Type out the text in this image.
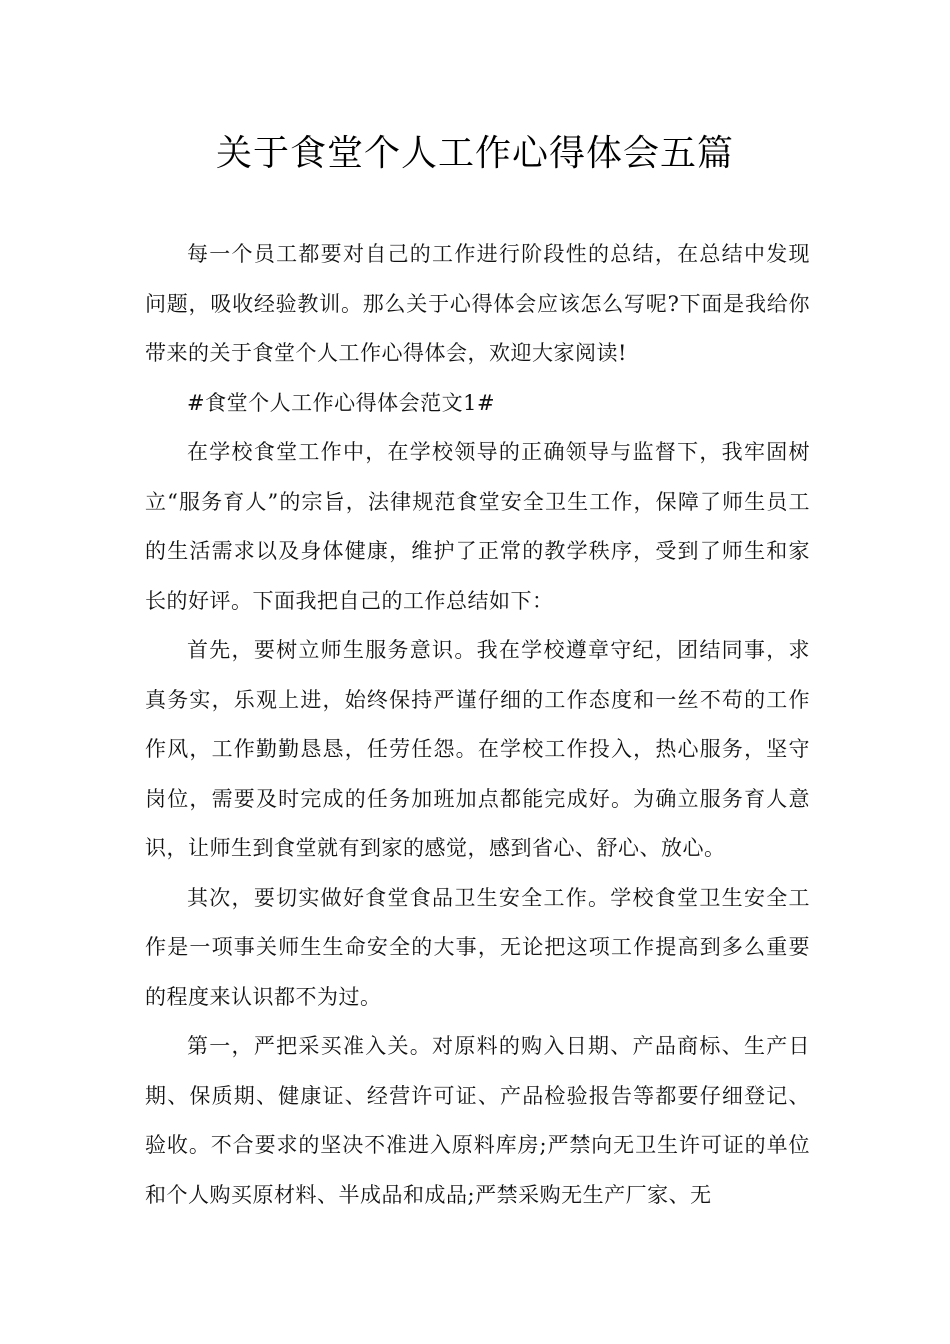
关于食堂个人工作心得体会五篇

每一个员工都要对自己的工作进行阶段性的总结，在总结中发现问题，吸收经验教训。那么关于心得体会应该怎么写呢?下面是我给你带来的关于食堂个人工作心得体会，欢迎大家阅读!

#食堂个人工作心得体会范文1#

在学校食堂工作中，在学校领导的正确领导与监督下，我牢固树立“服务育人”的宗旨，法律规范食堂安全卫生工作，保障了师生员工的生活需求以及身体健康，维护了正常的教学秩序，受到了师生和家长的好评。下面我把自己的工作总结如下：

首先，要树立师生服务意识。我在学校遵章守纪，团结同事，求真务实，乐观上进，始终保持严谨仔细的工作态度和一丝不苟的工作作风，工作勤勤恳恳，任劳任怨。在学校工作投入，热心服务，坚守岗位，需要及时完成的任务加班加点都能完成好。为确立服务育人意识，让师生到食堂就有到家的感觉，感到省心、舒心、放心。

其次，要切实做好食堂食品卫生安全工作。学校食堂卫生安全工作是一项事关师生生命安全的大事，无论把这项工作提高到多么重要的程度来认识都不为过。

第一，严把采买准入关。对原料的购入日期、产品商标、生产日期、保质期、健康证、经营许可证、产品检验报告等都要仔细登记、验收。不合要求的坚决不准进入原料库房;严禁向无卫生许可证的单位和个人购买原材料、半成品和成品;严禁采购无生产厂家、无
